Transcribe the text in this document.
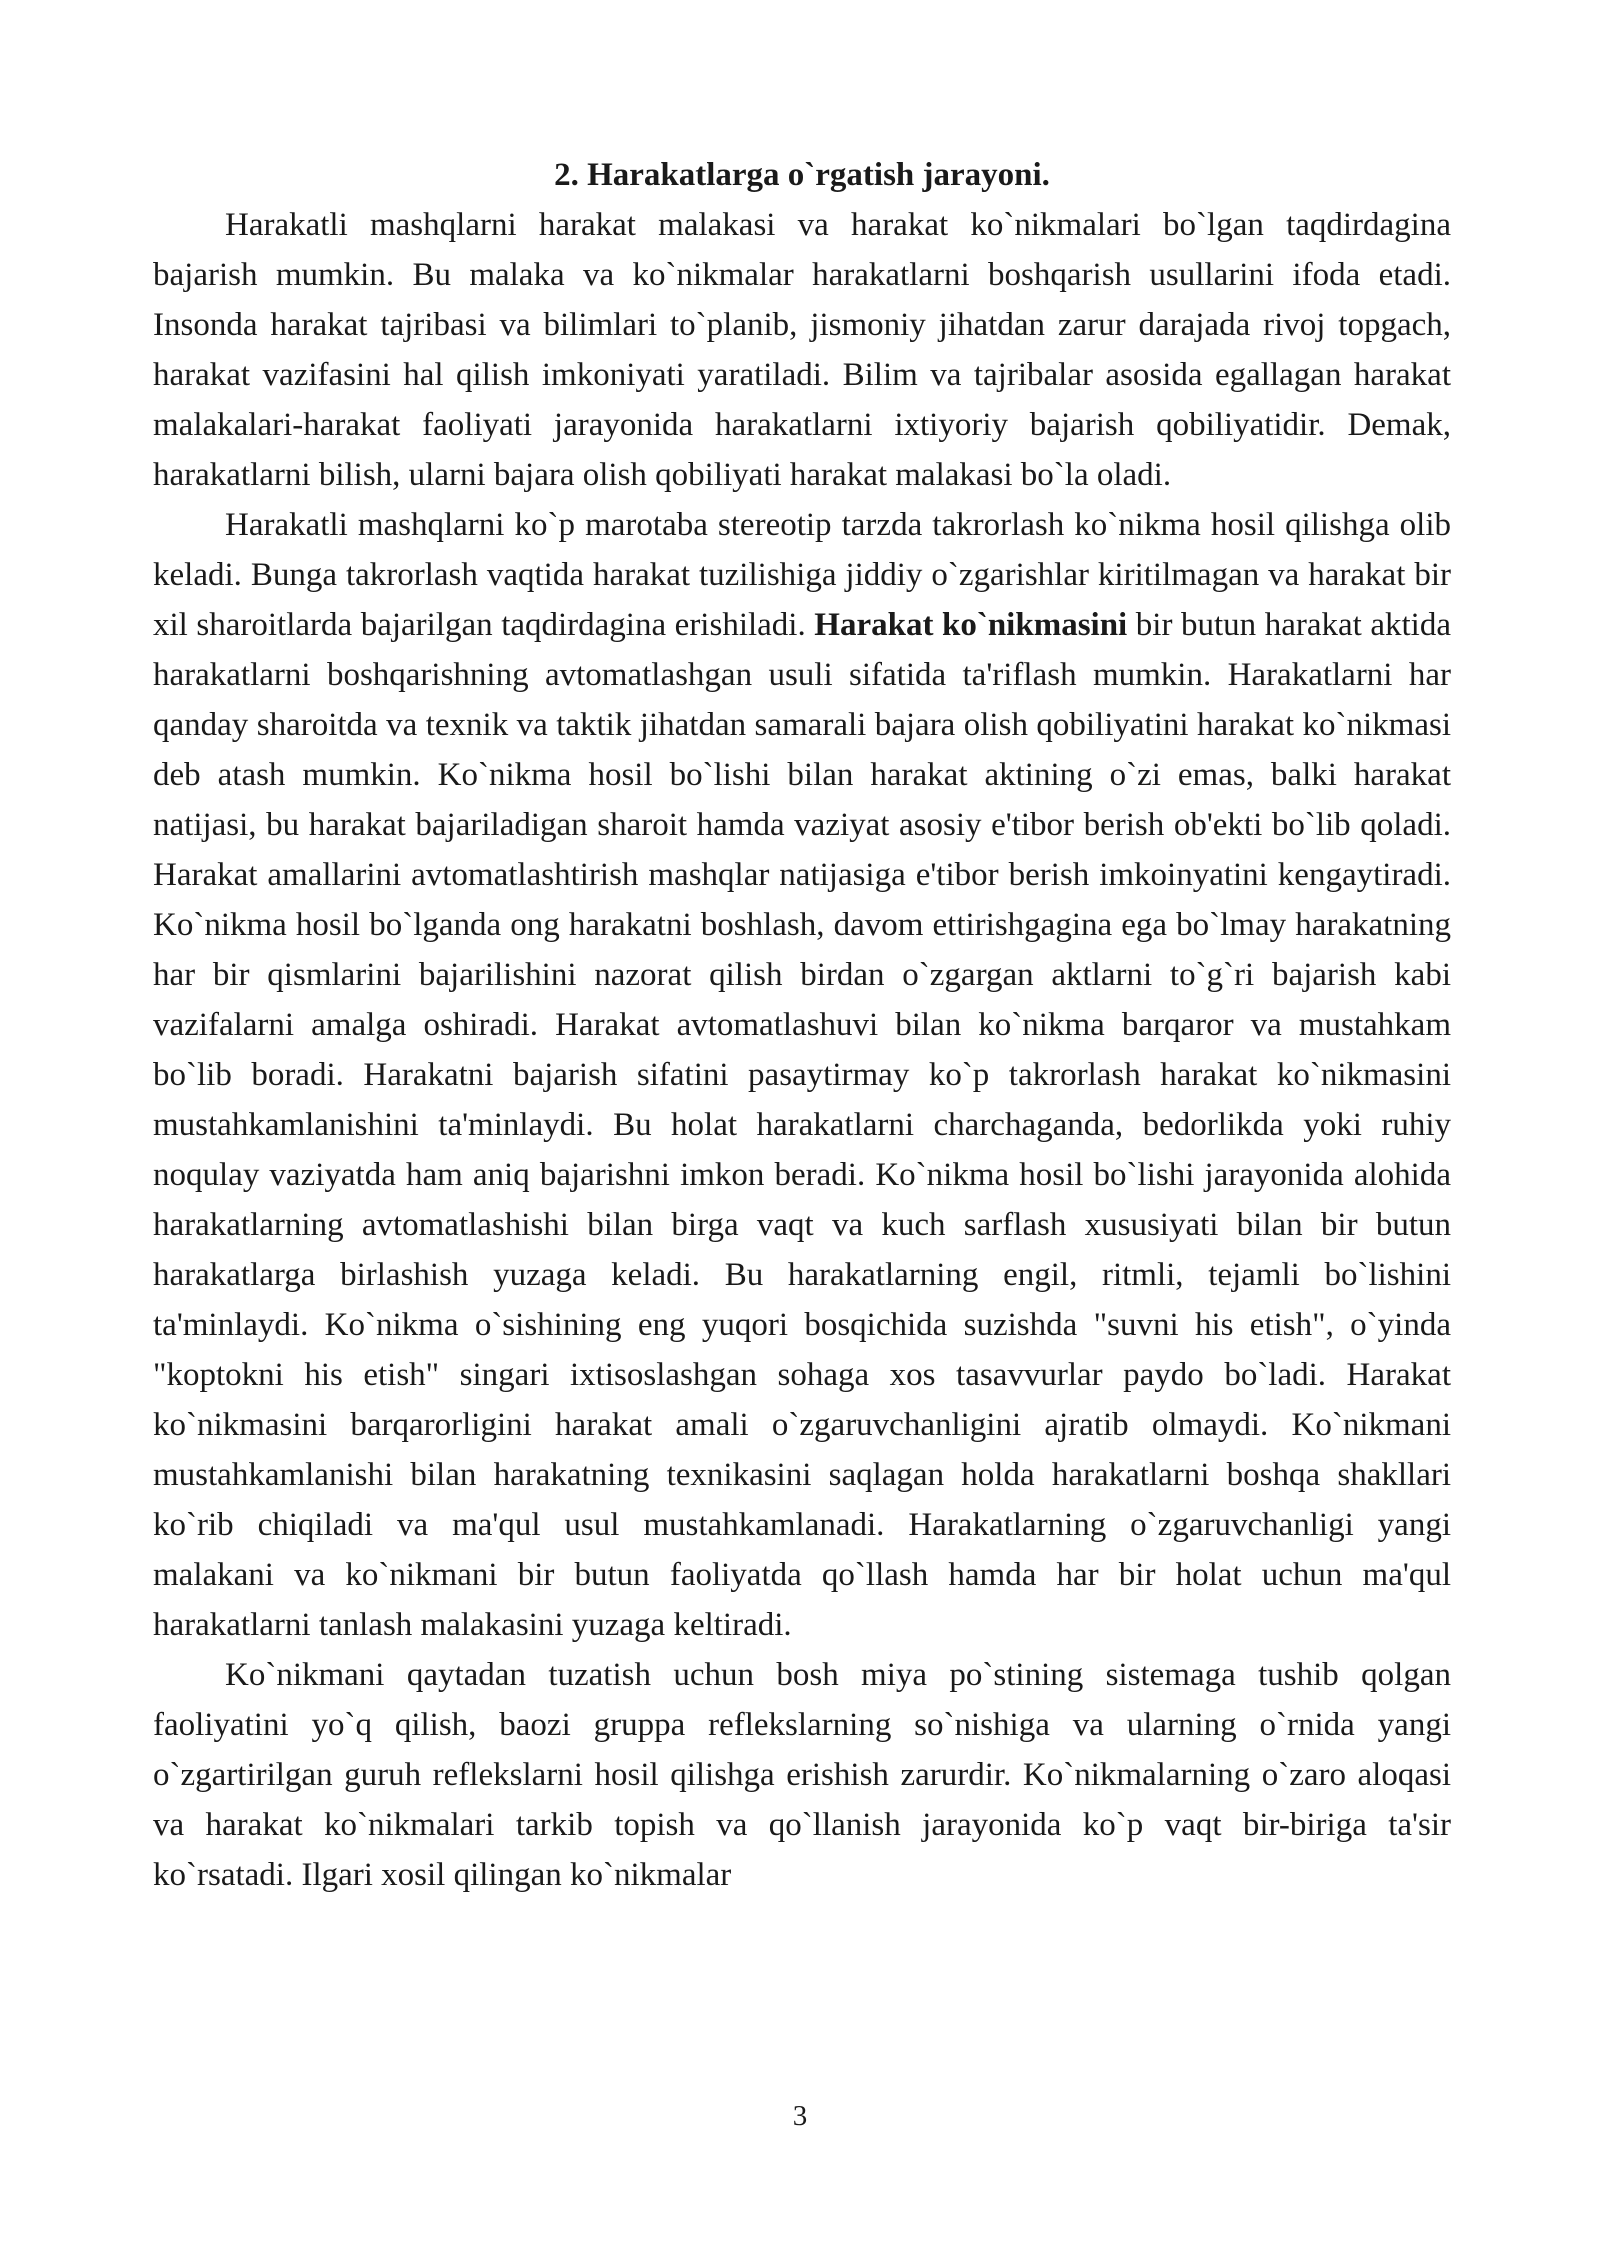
2. Harakatlarga o`rgatish jarayoni.

Harakatli mashqlarni harakat malakasi va harakat ko`nikmalari bo`lgan taqdirdagina bajarish mumkin. Bu malaka va ko`nikmalar harakatlarni boshqarish usullarini ifoda etadi. Insonda harakat tajribasi va bilimlari to`planib, jismoniy jihatdan zarur darajada rivoj topgach, harakat vazifasini hal qilish imkoniyati yaratiladi. Bilim va tajribalar asosida egallagan harakat malakalari-harakat faoliyati jarayonida harakatlarni ixtiyoriy bajarish qobiliyatidir. Demak, harakatlarni bilish, ularni bajara olish qobiliyati harakat malakasi bo`la oladi.

Harakatli mashqlarni ko`p marotaba stereotip tarzda takrorlash ko`nikma hosil qilishga olib keladi. Bunga takrorlash vaqtida harakat tuzilishiga jiddiy o`zgarishlar kiritilmagan va harakat bir xil sharoitlarda bajarilgan taqdirdagina erishiladi. Harakat ko`nikmasini bir butun harakat aktida harakatlarni boshqarishning avtomatlashgan usuli sifatida ta'riflash mumkin. Harakatlarni har qanday sharoitda va texnik va taktik jihatdan samarali bajara olish qobiliyatini harakat ko`nikmasi deb atash mumkin. Ko`nikma hosil bo`lishi bilan harakat aktining o`zi emas, balki harakat natijasi, bu harakat bajariladigan sharoit hamda vaziyat asosiy e'tibor berish ob'ekti bo`lib qoladi. Harakat amallarini avtomatlashtirish mashqlar natijasiga e'tibor berish imkoinyatini kengaytiradi. Ko`nikma hosil bo`lganda ong harakatni boshlash, davom ettirishgagina ega bo`lmay harakatning har bir qismlarini bajarilishini nazorat qilish birdan o`zgargan aktlarni to`g`ri bajarish kabi vazifalarni amalga oshiradi. Harakat avtomatlashuvi bilan ko`nikma barqaror va mustahkam bo`lib boradi. Harakatni bajarish sifatini pasaytirmay ko`p takrorlash harakat ko`nikmasini mustahkamlanishini ta'minlaydi. Bu holat harakatlarni charchaganda, bedorlikda yoki ruhiy noqulay vaziyatda ham aniq bajarishni imkon beradi. Ko`nikma hosil bo`lishi jarayonida alohida harakatlarning avtomatlashishi bilan birga vaqt va kuch sarflash xususiyati bilan bir butun harakatlarga birlashish yuzaga keladi. Bu harakatlarning engil, ritmli, tejamli bo`lishini ta'minlaydi. Ko`nikma o`sishining eng yuqori bosqichida suzishda "suvni his etish", o`yinda "koptokni his etish" singari ixtisoslashgan sohaga xos tasavvurlar paydo bo`ladi. Harakat ko`nikmasini barqarorligini harakat amali o`zgaruvchanligini ajratib olmaydi. Ko`nikmani mustahkamlanishi bilan harakatning texnikasini saqlagan holda harakatlarni boshqa shakllari ko`rib chiqiladi va ma'qul usul mustahkamlanadi. Harakatlarning o`zgaruvchanligi yangi malakani va ko`nikmani bir butun faoliyatda qo`llash hamda har bir holat uchun ma'qul harakatlarni tanlash malakasini yuzaga keltiradi.

Ko`nikmani qaytadan tuzatish uchun bosh miya po`stining sistemaga tushib qolgan faoliyatini yo`q qilish, baozi gruppa reflekslarning so`nishiga va ularning o`rnida yangi o`zgartirilgan guruh reflekslarni hosil qilishga erishish zarurdir. Ko`nikmalarning o`zaro aloqasi va harakat ko`nikmalari tarkib topish va qo`llanish jarayonida ko`p vaqt bir-biriga ta'sir ko`rsatadi. Ilgari xosil qilingan ko`nikmalar

3
